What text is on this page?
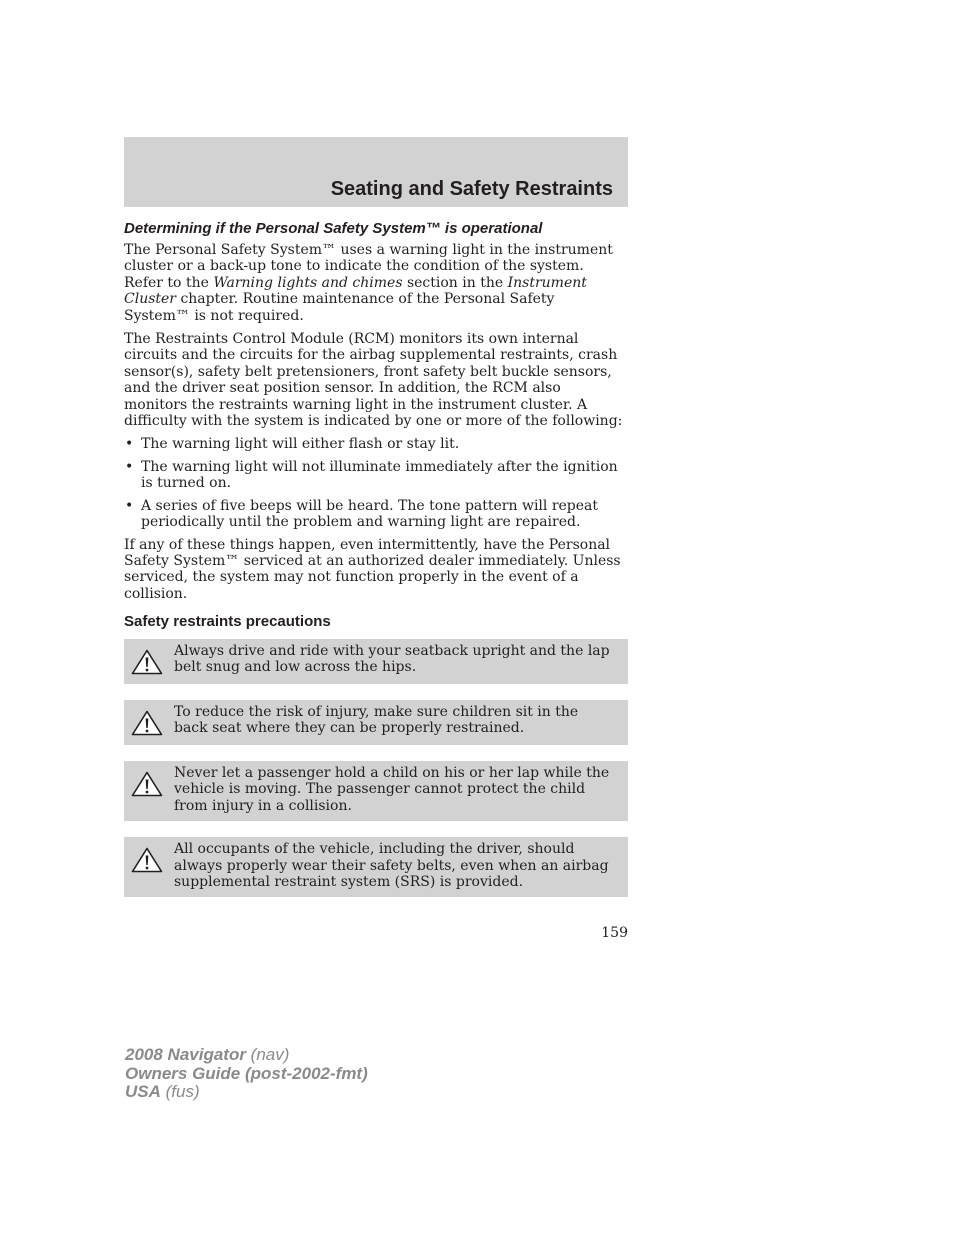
Seating and Safety Restraints
Determining if the Personal Safety System™ is operational

The Personal Safety System™ uses a warning light in the instrument cluster or a back-up tone to indicate the condition of the system. Refer to the Warning lights and chimes section in the Instrument Cluster chapter. Routine maintenance of the Personal Safety System™ is not required.

The Restraints Control Module (RCM) monitors its own internal circuits and the circuits for the airbag supplemental restraints, crash sensor(s), safety belt pretensioners, front safety belt buckle sensors, and the driver seat position sensor. In addition, the RCM also monitors the restraints warning light in the instrument cluster. A difficulty with the system is indicated by one or more of the following:

• The warning light will either flash or stay lit.
• The warning light will not illuminate immediately after the ignition is turned on.
• A series of five beeps will be heard. The tone pattern will repeat periodically until the problem and warning light are repaired.

If any of these things happen, even intermittently, have the Personal Safety System™ serviced at an authorized dealer immediately. Unless serviced, the system may not function properly in the event of a collision.

Safety restraints precautions
Always drive and ride with your seatback upright and the lap belt snug and low across the hips.
To reduce the risk of injury, make sure children sit in the back seat where they can be properly restrained.
Never let a passenger hold a child on his or her lap while the vehicle is moving. The passenger cannot protect the child from injury in a collision.
All occupants of the vehicle, including the driver, should always properly wear their safety belts, even when an airbag supplemental restraint system (SRS) is provided.
159
2008 Navigator (nav)
Owners Guide (post-2002-fmt)
USA (fus)
